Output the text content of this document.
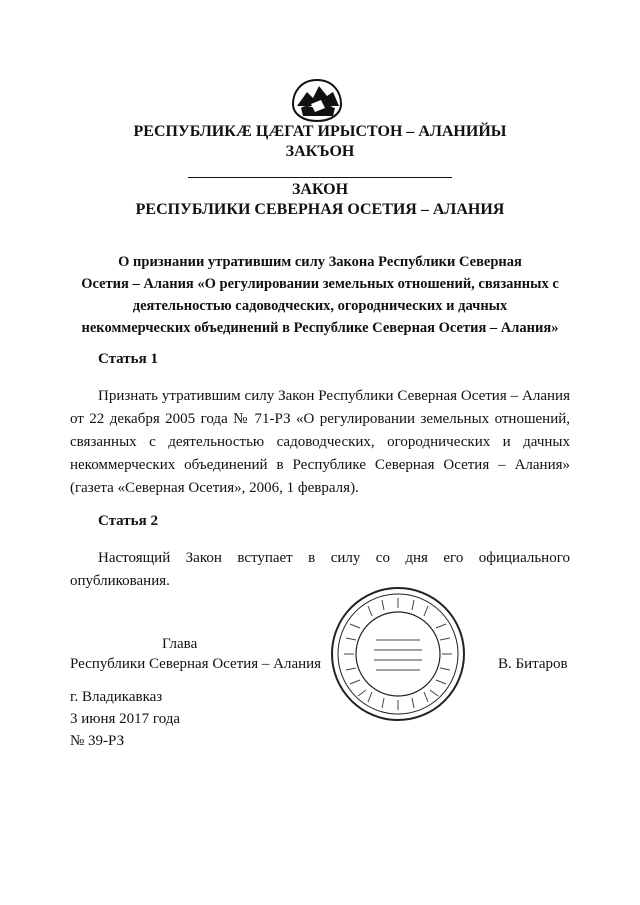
РЕСПУБЛИКӔ ЦӔГАТ ИРЫСТОН – АЛАНИЙЫ
ЗАКЪОН
ЗАКОН
РЕСПУБЛИКИ СЕВЕРНАЯ ОСЕТИЯ – АЛАНИЯ
О признании утратившим силу Закона Республики Северная
Осетия – Алания «О регулировании земельных отношений, связанных с
деятельностью садоводческих, огороднических и дачных
некоммерческих объединений в Республике Северная Осетия – Алания»
Статья 1
Признать утратившим силу Закон Республики Северная Осетия – Алания от 22 декабря 2005 года № 71-РЗ «О регулировании земельных отношений, связанных с деятельностью садоводческих, огороднических и дачных некоммерческих объединений в Республике Северная Осетия – Алания» (газета «Северная Осетия», 2006, 1 февраля).
Статья 2
Настоящий Закон вступает в силу со дня его официального опубликования.
Глава
Республики Северная Осетия – Алания	В. Битаров
г. Владикавказ
3 июня 2017 года
№ 39-РЗ
